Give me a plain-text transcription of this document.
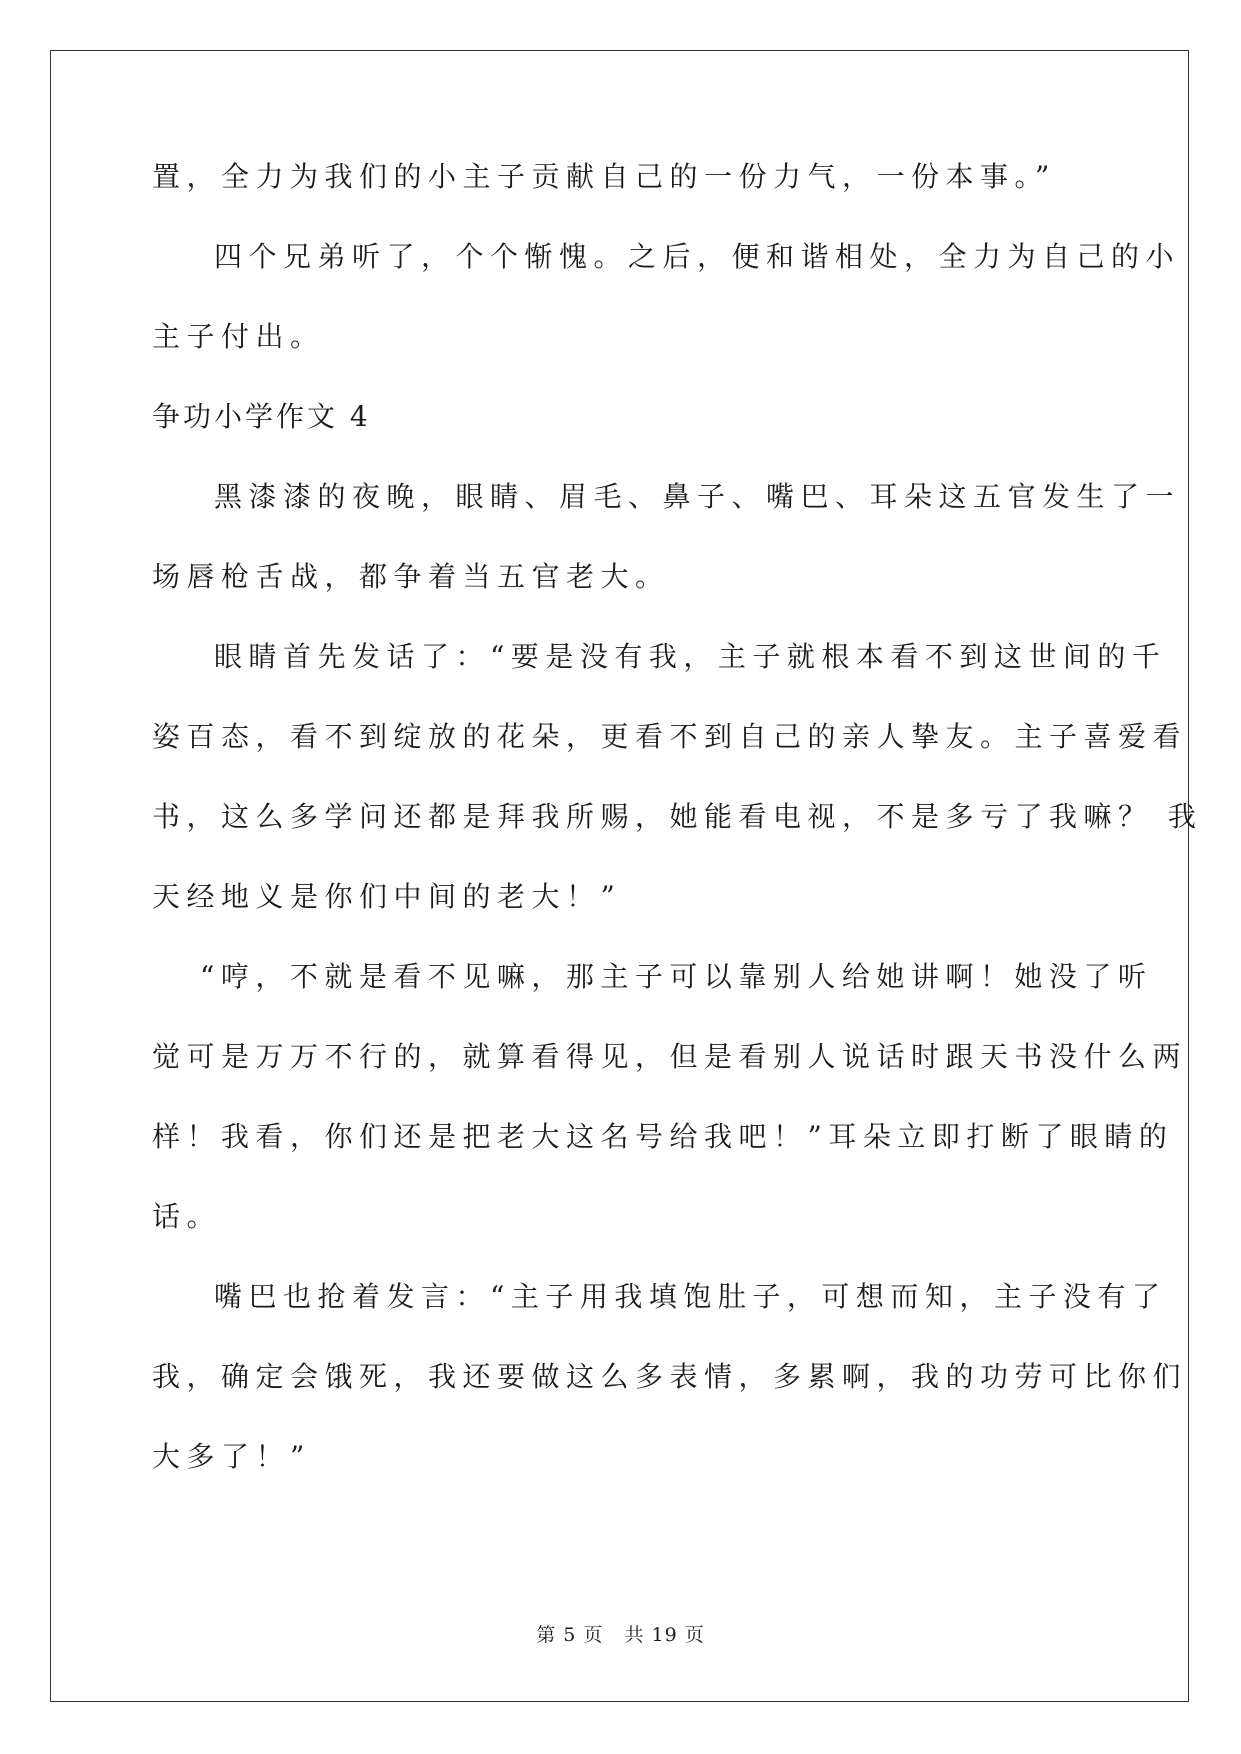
置，全力为我们的小主子贡献自己的一份力气，一份本事。”
四个兄弟听了，个个惭愧。之后，便和谐相处，全力为自己的小
主子付出。
争功小学作文 4
黑漆漆的夜晚，眼睛、眉毛、鼻子、嘴巴、耳朵这五官发生了一
场唇枪舌战，都争着当五官老大。
眼睛首先发话了：“要是没有我，主子就根本看不到这世间的千
姿百态，看不到绽放的花朵，更看不到自己的亲人挚友。主子喜爱看
书，这么多学问还都是拜我所赐，她能看电视，不是多亏了我嘛？ 我
天经地义是你们中间的老大！”
“哼，不就是看不见嘛，那主子可以靠别人给她讲啊！她没了听
觉可是万万不行的，就算看得见，但是看别人说话时跟天书没什么两
样！我看，你们还是把老大这名号给我吧！”耳朵立即打断了眼睛的
话。
嘴巴也抢着发言：“主子用我填饱肚子，可想而知，主子没有了
我，确定会饿死，我还要做这么多表情，多累啊，我的功劳可比你们
大多了！”
第 5 页 共 19 页
